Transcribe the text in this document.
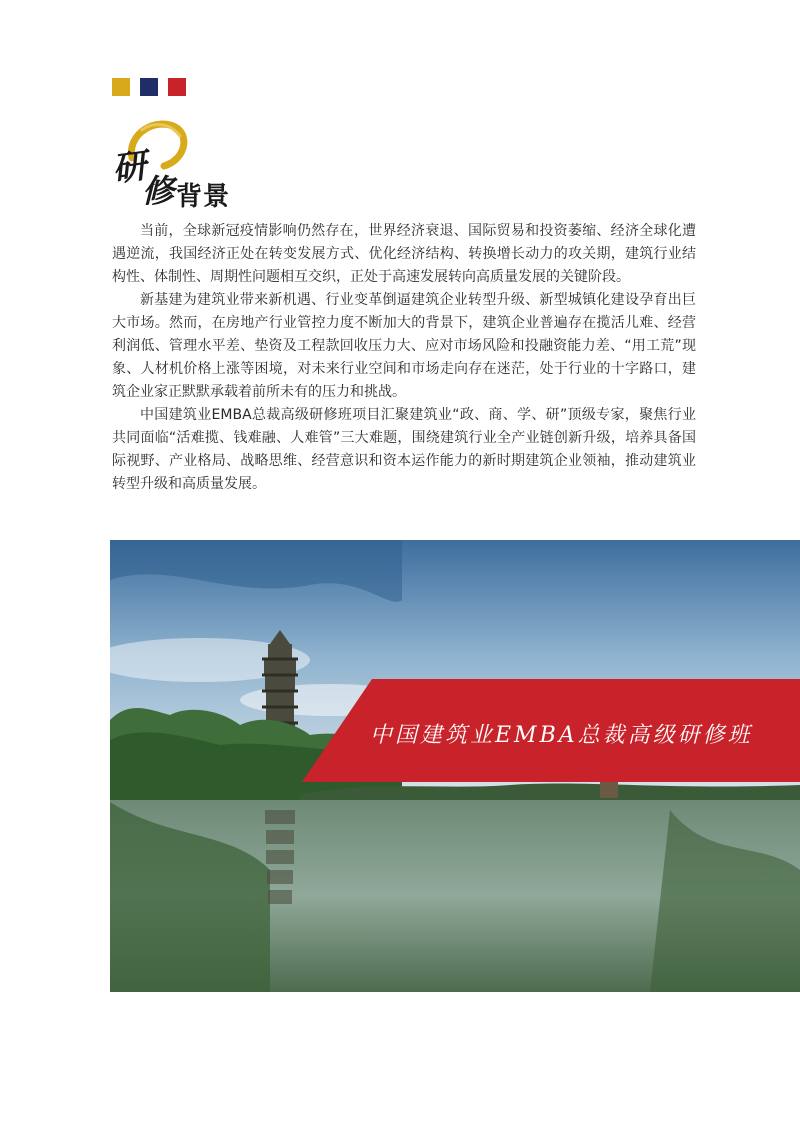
研
修 背景

当前，全球新冠疫情影响仍然存在，世界经济衰退、国际贸易和投资萎缩、经济全球化遭遇逆流，我国经济正处在转变发展方式、优化经济结构、转换增长动力的攻关期，建筑行业结构性、体制性、周期性问题相互交织，正处于高速发展转向高质量发展的关键阶段。

新基建为建筑业带来新机遇、行业变革倒逼建筑企业转型升级、新型城镇化建设孕育出巨大市场。然而，在房地产行业管控力度不断加大的背景下，建筑企业普遍存在揽活儿难、经营利润低、管理水平差、垫资及工程款回收压力大、应对市场风险和投融资能力差、“用工荒”现象、人材机价格上涨等困境，对未来行业空间和市场走向存在迷茫，处于行业的十字路口，建筑企业家正默默承载着前所未有的压力和挑战。

中国建筑业EMBA总裁高级研修班项目汇聚建筑业“政、商、学、研”顶级专家，聚焦行业共同面临“活难揽、钱难融、人难管”三大难题，围绕建筑行业全产业链创新升级，培养具备国际视野、产业格局、战略思维、经营意识和资本运作能力的新时期建筑企业领袖，推动建筑业转型升级和高质量发展。

中国建筑业EMBA总裁高级研修班
